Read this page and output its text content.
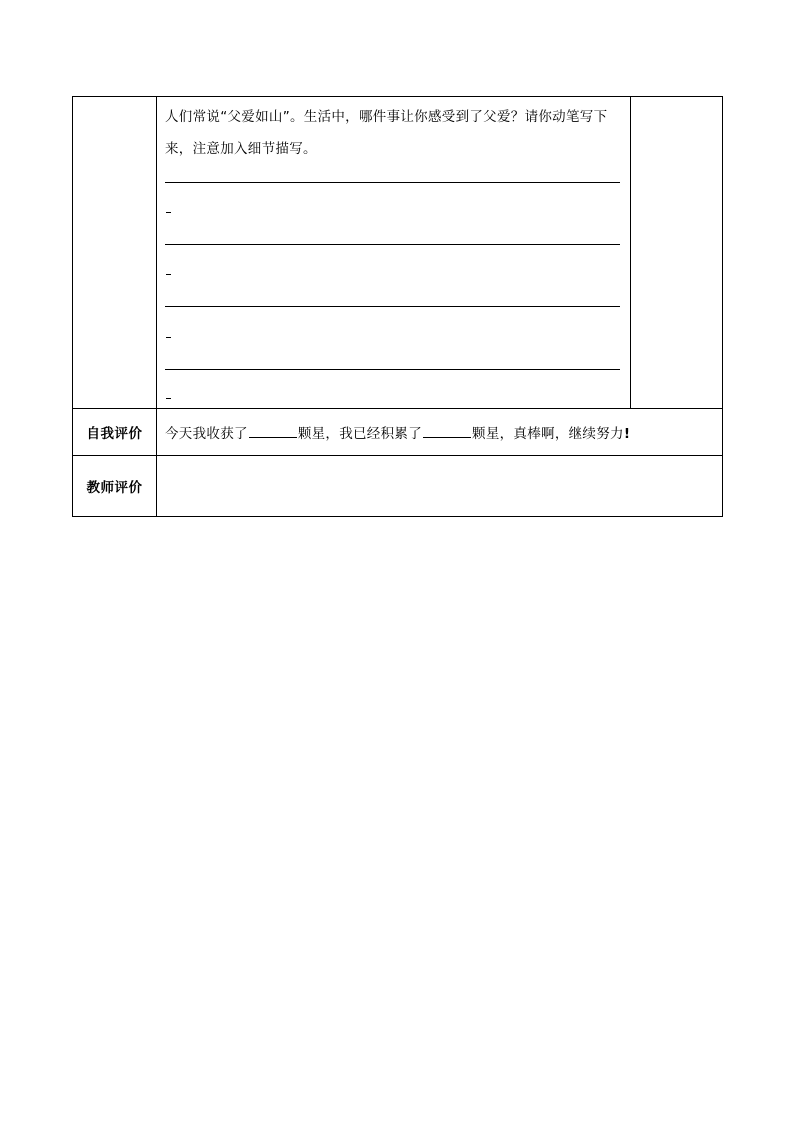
	人们常说“父爱如山”。生活中，哪件事让你感受到了父爱？请你动笔写下来，注意加入细节描写。	

自我评价	今天我收获了 颗星，我已经积累了 颗星，真棒啊，继续努力!	
教师评价		
